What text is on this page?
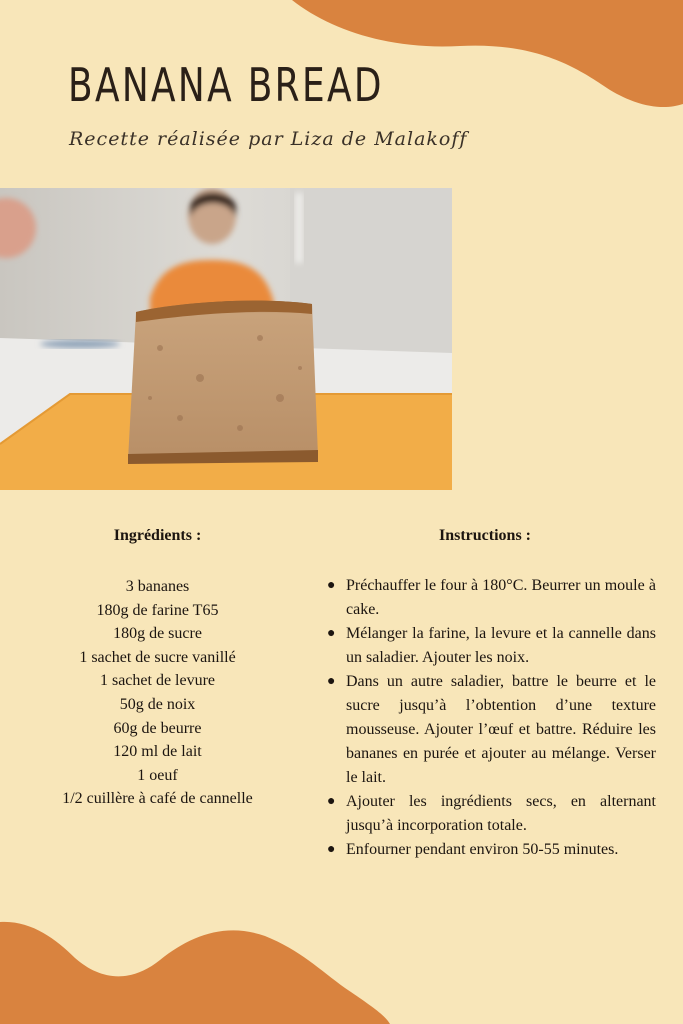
BANANA BREAD
Recette réalisée par Liza de Malakoff
Ingrédients :	Instructions :
3 bananes
180g de farine T65
180g de sucre
1 sachet de sucre vanillé
1 sachet de levure
50g de noix
60g de beurre
120 ml de lait
1 oeuf
1/2 cuillère à café de cannelle
● Préchauffer le four à 180°C. Beurrer un moule à cake.
● Mélanger la farine, la levure et la cannelle dans un saladier. Ajouter les noix.
● Dans un autre saladier, battre le beurre et le sucre jusqu’à l’obtention d’une texture mousseuse. Ajouter l’œuf et battre. Réduire les bananes en purée et ajouter au mélange. Verser le lait.
● Ajouter les ingrédients secs, en alternant jusqu’à incorporation totale.
● Enfourner pendant environ 50-55 minutes.
